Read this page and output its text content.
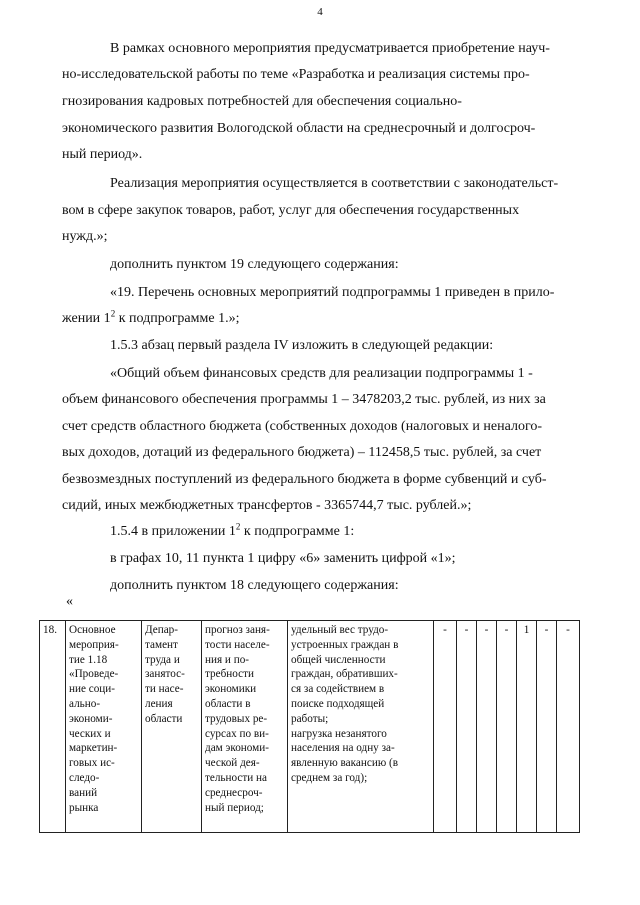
4
В рамках основного мероприятия предусматривается приобретение науч-
но-исследовательской работы по теме «Разработка и реализация системы про-
гнозирования кадровых потребностей для обеспечения социально-
экономического развития Вологодской области на среднесрочный и долгосроч-
ный период».
Реализация мероприятия осуществляется в соответствии с законодательст-
вом в сфере закупок товаров, работ, услуг для обеспечения государственных
нужд.»;
дополнить пунктом 19 следующего содержания:
«19. Перечень основных мероприятий подпрограммы 1 приведен в прило-
жении $1^2$ к подпрограмме 1.»;
1.5.3 абзац первый раздела IV изложить в следующей редакции:
«Общий объем финансовых средств для реализации подпрограммы 1 -
объем финансового обеспечения программы 1 – 3478203,2 тыс. рублей, из них за
счет средств областного бюджета (собственных доходов (налоговых и неналого-
вых доходов, дотаций из федерального бюджета) – 112458,5 тыс. рублей, за счет
безвозмездных поступлений из федерального бюджета в форме субвенций и суб-
сидий, иных межбюджетных трансфертов - 3365744,7 тыс. рублей.»;
1.5.4 в приложении $1^2$ к подпрограмме 1:
в графах 10, 11 пункта 1 цифру «6» заменить цифрой «1»;
дополнить пунктом 18 следующего содержания:
«
18.	Основное
мероприя-
тие 1.18
«Проведе-
ние соци-
ально-
экономи-
ческих и
маркетин-
говых ис-
следо-
ваний
рынка

Депар-
тамент
труда и
занятос-
ти насе-
ления
области

прогноз заня-
тости населе-
ния и по-
требности
экономики
области в
трудовых ре-
сурсах по ви-
дам экономи-
ческой дея-
тельности на
среднесроч-
ный период;

удельный вес трудо-
устроенных граждан в
общей численности
граждан, обративших-
ся за содействием в
поиске подходящей
работы;
нагрузка незанятого
населения на одну за-
явленную вакансию (в
среднем за год);
	-	-	-	-	1	-	-
